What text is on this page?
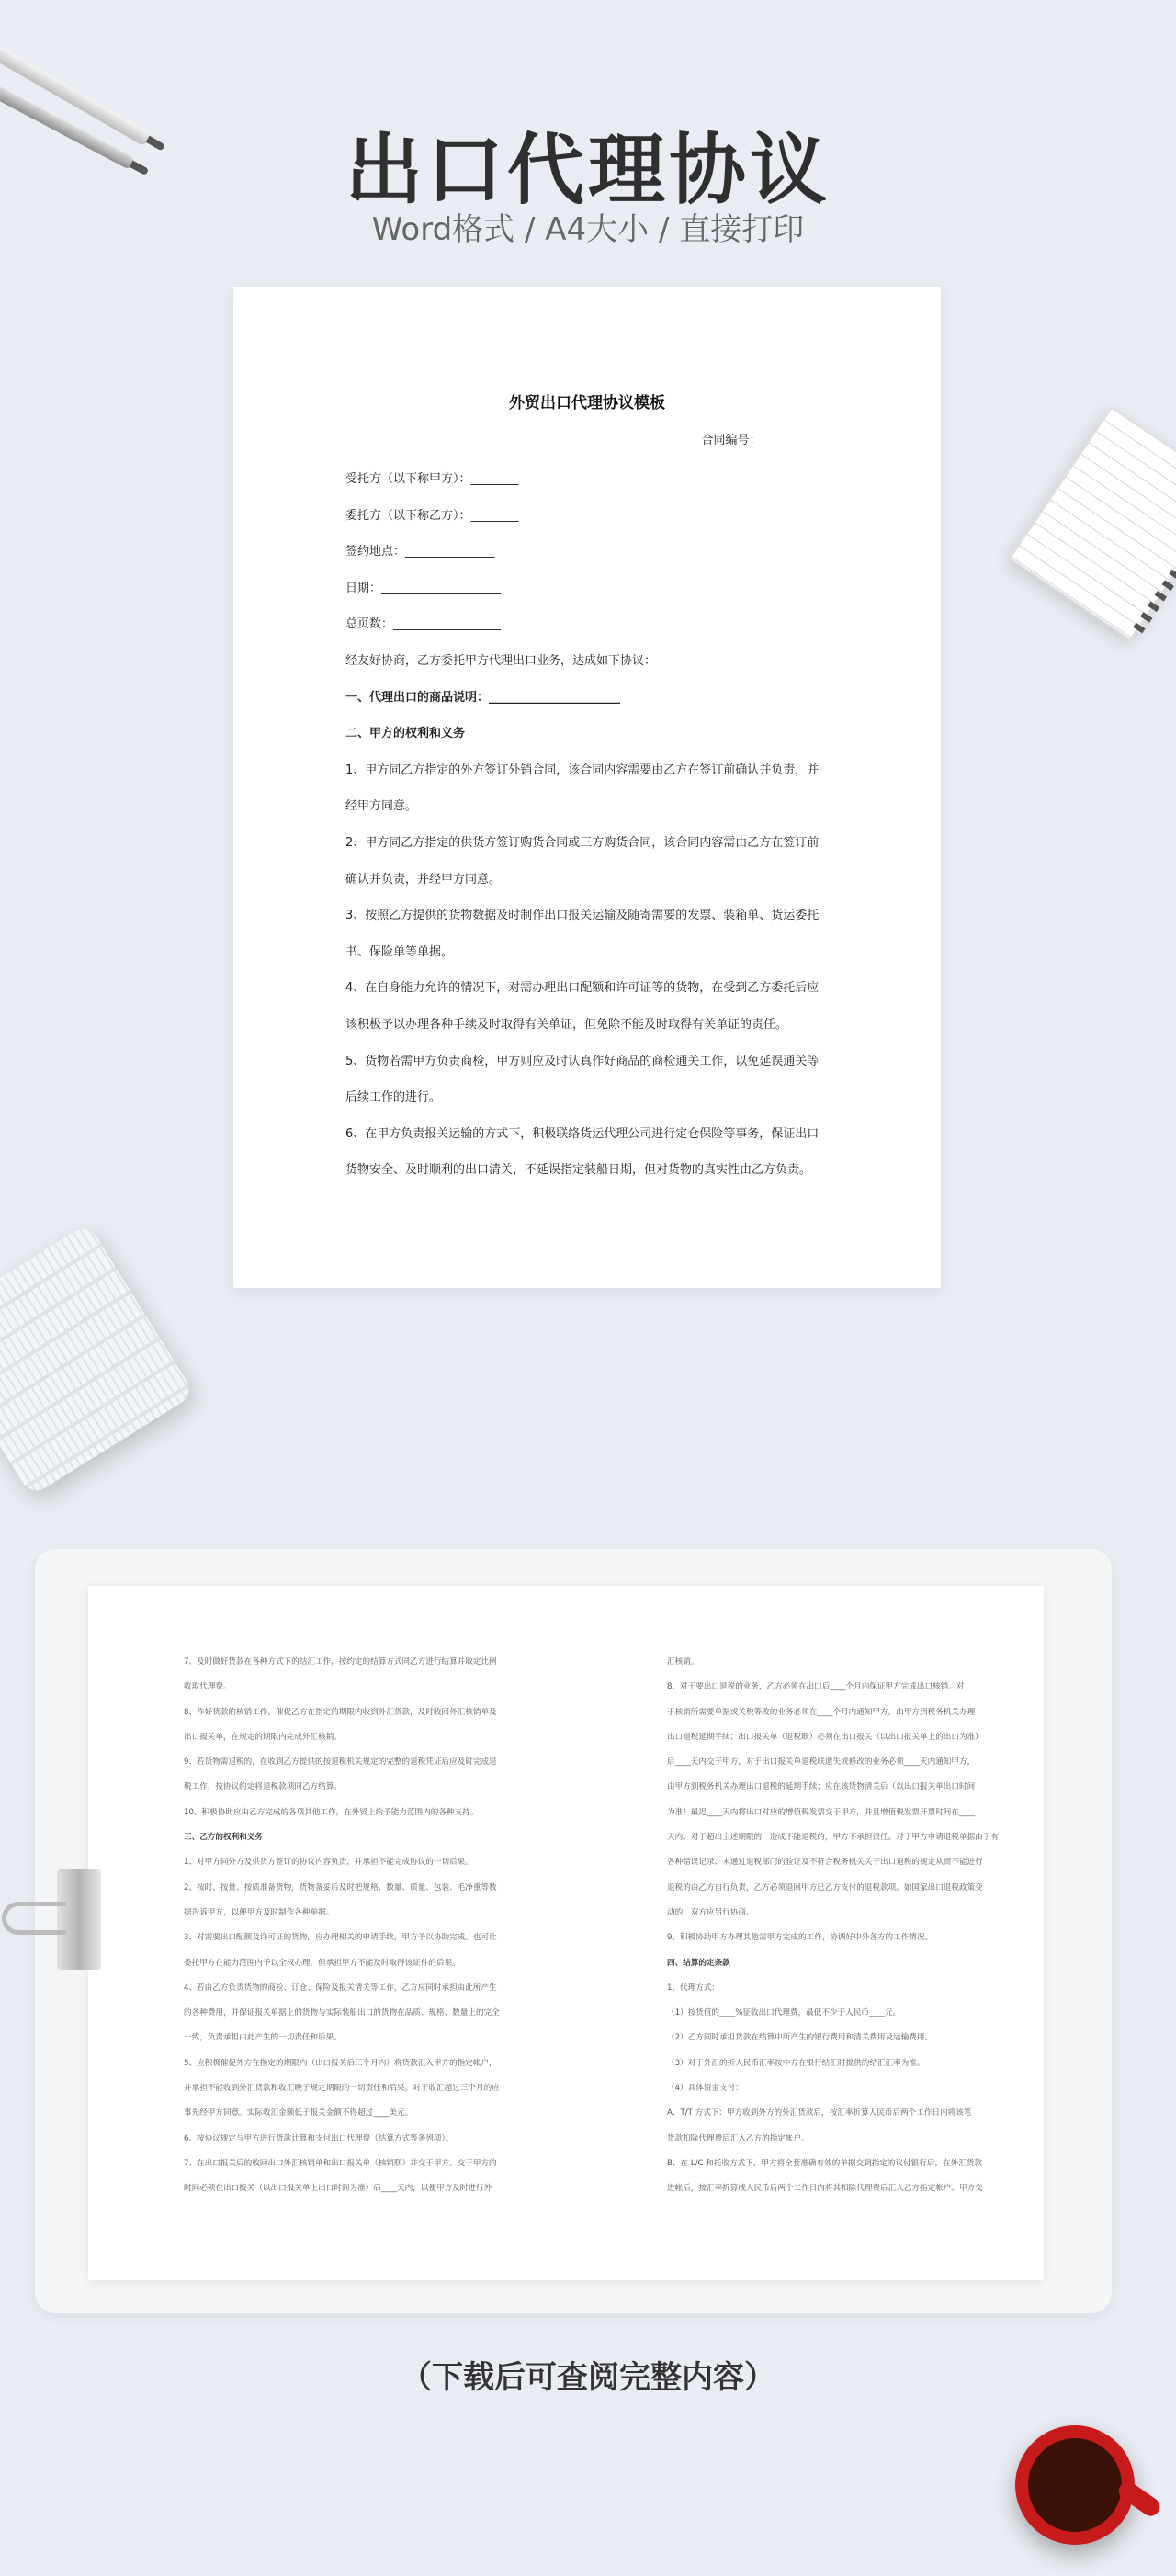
出口代理协议
Word格式 / A4大小 / 直接打印
外贸出口代理协议模板
合同编号：___________
受托方（以下称甲方）：________
委托方（以下称乙方）：________
签约地点：_______________
日期：____________________
总页数：__________________
经友好协商，乙方委托甲方代理出口业务，达成如下协议：
一、代理出口的商品说明：______________________
二、甲方的权利和义务
1、甲方同乙方指定的外方签订外销合同，该合同内容需要由乙方在签订前确认并负责，并
经甲方同意。
2、甲方同乙方指定的供货方签订购货合同或三方购货合同，该合同内容需由乙方在签订前
确认并负责，并经甲方同意。
3、按照乙方提供的货物数据及时制作出口报关运输及随寄需要的发票、装箱单、货运委托
书、保险单等单据。
4、在自身能力允许的情况下，对需办理出口配额和许可证等的货物，在受到乙方委托后应
该积极予以办理各种手续及时取得有关单证，但免除不能及时取得有关单证的责任。
5、货物若需甲方负责商检，甲方则应及时认真作好商品的商检通关工作，以免延误通关等
后续工作的进行。
6、在甲方负责报关运输的方式下，积极联络货运代理公司进行定仓保险等事务，保证出口
货物安全、及时顺利的出口清关，不延误指定装船日期，但对货物的真实性由乙方负责。
7、及时做好货款在各种方式下的结汇工作，按约定的结算方式同乙方进行结算并取定比例
收取代理费。
8、作好货款的核销工作，催促乙方在指定的期限内收到外汇货款，及时收回外汇核销单及
出口报关单，在规定的期限内完成外汇核销。
9、若货物需退税的，在收到乙方提供的按退税机关规定的完整的退税凭证后应及时完成退
税工作，按协议约定将退税款项同乙方结算。
10、积极协助应由乙方完成的各项其他工作，在外贸上给予能力范围内的各种支持。
三、乙方的权利和义务
1、对甲方同外方及供货方签订的协议内容负责，并承担不能完成协议的一切后果。
2、按时、按量、按质准备货物，货物备妥后及时把规格、数量、质量、包装、毛净重等数
据告诉甲方，以便甲方及时制作各种单据。
3、对需要出口配额及许可证的货物，应办理相关的申请手续，甲方予以协助完成。也可让
委托甲方在能力范围内予以全权办理，但承担甲方不能及时取得该证件的后果。
4、若由乙方负责货物的商检、订仓、保险及报关清关等工作，乙方应同时承担由此所产生
的各种费用，并保证报关单据上的货物与实际装船出口的货物在品质、规格、数量上的完全
一致，负责承担由此产生的一切责任和后果。
5、应积极催促外方在指定的期限内（出口报关后三个月内）将货款汇入甲方的指定帐户，
并承担不能收到外汇货款和收汇晚于规定期限的一切责任和后果。对于收汇超过三个月的应
事先经甲方同意。实际收汇金额低于报关金额不得超过____美元。
6、按协议规定与甲方进行货款计算和支付出口代理费（结算方式等条列项）。
7、在出口报关后的收回出口外汇核销单和出口报关单（核销联）并交于甲方。交于甲方的
时间必须在出口报关（以出口报关单上出口时间为准）后____天内，以便甲方及时进行外
汇核销。
8、对于要出口退税的业务，乙方必须在出口后____个月内保证甲方完成出口核销。对
于核销所需要单据或关税等改的业务必须在____个月内通知甲方，由甲方到税务机关办理
出口退税延期手续；出口报关单（退税联）必须在出口报关（以出口报关单上的出口为准）
后____天内交于甲方，对于出口报关单退税联遗失或修改的业务必须____天内通知甲方，
由甲方到税务机关办理出口退税的延期手续；应在该货物清关后（以出口报关单出口时间
为准）最迟____天内将出口对应的增值税发票交于甲方，并且增值税发票开票时间在____
天内。对于超出上述期限的，造成不能退税的，甲方不承担责任。对于甲方申请退税单据由于有
各种错误记录、未通过退税部门的验证及不符合税务机关关于出口退税的规定从而不能进行
退税的由乙方自行负责，乙方必须退回甲方已乙方支付的退税款项。如国家出口退税政策变
动的，双方应另行协商。
9、积极协助甲方办理其他需甲方完成的工作，协调好中外各方的工作情况。
四、结算的定条款
1、代理方式：
（1）按货值的____%征收出口代理费，最低不少于人民币____元。
（2）乙方同时承担货款在结算中所产生的银行费用和清关费用及运输费用。
（3）对于外汇的折人民币汇率按中方在银行结汇时提供的结汇汇率为准。
（4）具体资金支付：
A、T/T 方式下：甲方收到外方的外汇货款后，按汇率折算人民币后两个工作日内将该笔
货款扣除代理费后汇入乙方的指定帐户。
B、在 L/C 和托收方式下，甲方将全套准确有效的单据交到指定的议付银行后，在外汇货款
进帐后，按汇率折算成人民币后两个工作日内将其扣除代理费后汇入乙方指定帐户。甲方交
（下载后可查阅完整内容）
